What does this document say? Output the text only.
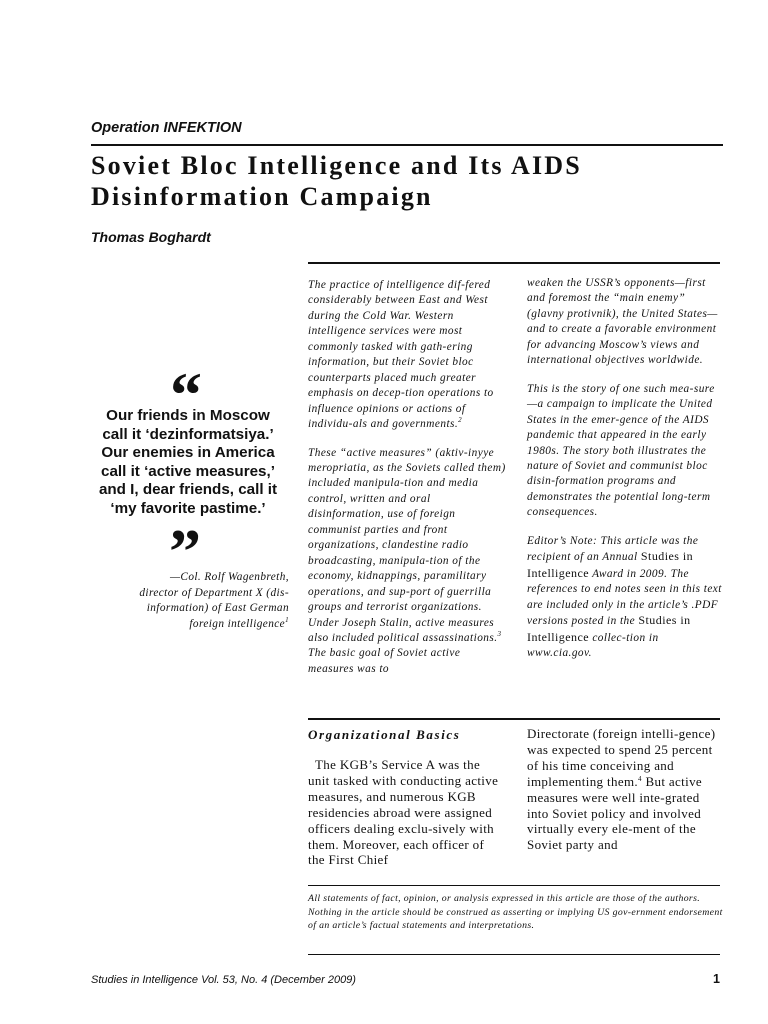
Operation INFEKTION
Soviet Bloc Intelligence and Its AIDS
Disinformation Campaign
Thomas Boghardt
“
Our friends in Moscow
call it ‘dezinformatsiya.’
Our enemies in America
call it ‘active measures,’
and I, dear friends, call it
‘my favorite pastime.’
”
—Col. Rolf Wagenbreth,
director of Department X (dis-
information) of East German
foreign intelligence$^1$

The practice of intelligence dif-fered considerably between East and West during the Cold War. Western intelligence services were most commonly tasked with gath-ering information, but their Soviet bloc counterparts placed much greater emphasis on decep-tion operations to influence opinions or actions of individu-als and governments.$^2$

These “active measures” (aktiv-inyye meropriatia, as the Soviets called them) included manipula-tion and media control, written and oral disinformation, use of foreign communist parties and front organizations, clandestine radio broadcasting, manipula-tion of the economy, kidnappings, paramilitary operations, and sup-port of guerrilla groups and terrorist organizations. Under Joseph Stalin, active measures also included political assassinations.$^3$ The basic goal of Soviet active measures was to

weaken the USSR’s opponents—first and foremost the “main enemy” (glavny protivnik), the United States—and to create a favorable environment for advancing Moscow’s views and international objectives worldwide.

This is the story of one such mea-sure—a campaign to implicate the United States in the emer-gence of the AIDS pandemic that appeared in the early 1980s. The story both illustrates the nature of Soviet and communist bloc disin-formation programs and demonstrates the potential long-term consequences.

Editor’s Note: This article was the recipient of an Annual Studies in Intelligence Award in 2009. The references to end notes seen in this text are included only in the article’s .PDF versions posted in the Studies in Intelligence collec-tion in www.cia.gov.

Organizational Basics

The KGB’s Service A was the unit tasked with conducting active measures, and numerous KGB residencies abroad were assigned officers dealing exclu-sively with them. Moreover, each officer of the First Chief

Directorate (foreign intelli-gence) was expected to spend 25 percent of his time conceiving and implementing them.$^4$ But active measures were well inte-grated into Soviet policy and involved virtually every ele-ment of the Soviet party and

All statements of fact, opinion, or analysis expressed in this article are those of the authors. Nothing in the article should be construed as asserting or implying US gov-ernment endorsement of an article’s factual statements and interpretations.
Studies in Intelligence Vol. 53, No. 4 (December 2009)	1
